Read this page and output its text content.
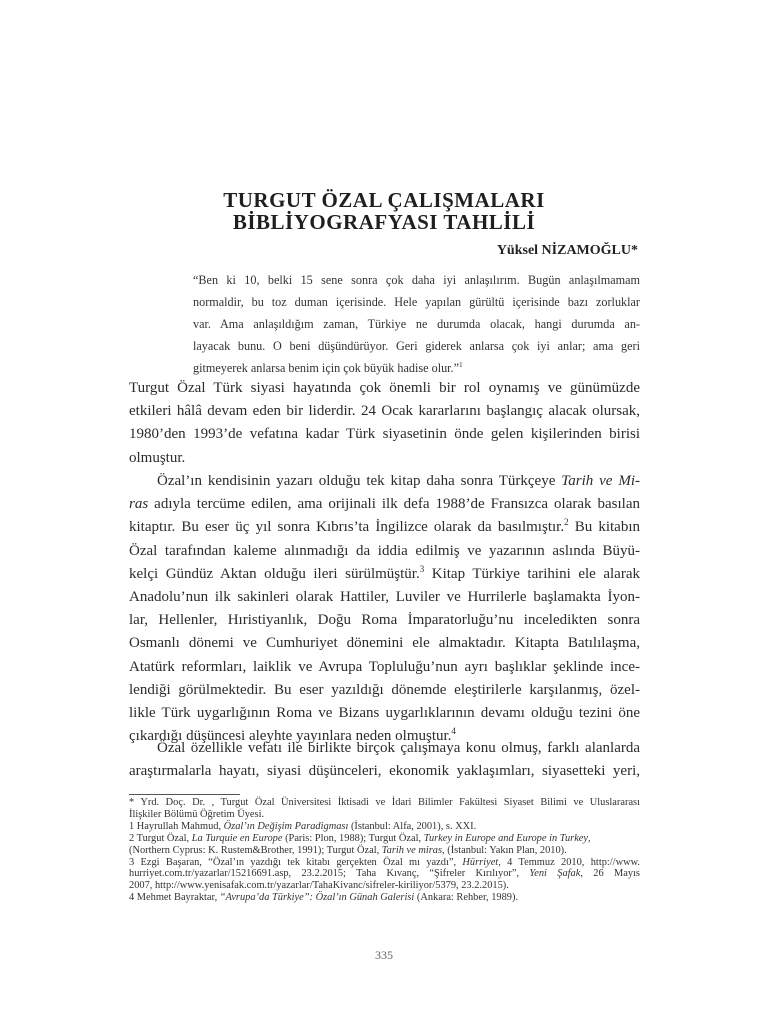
TURGUT ÖZAL ÇALIŞMALARI
BİBLİYOGRAFYASI TAHLİLİ
Yüksel NİZAMOĞLU*
“Ben ki 10, belki 15 sene sonra çok daha iyi anlaşılırım. Bugün anlaşılmamam
normaldir, bu toz duman içerisinde. Hele yapılan gürültü içerisinde bazı zorluklar
var. Ama anlaşıldığım zaman, Türkiye ne durumda olacak, hangi durumda an-
layacak bunu. O beni düşündürüyor. Geri giderek anlarsa çok iyi anlar; ama geri
gitmeyerek anlarsa benim için çok büyük hadise olur.”$^1$
Turgut Özal Türk siyasi hayatında çok önemli bir rol oynamış ve günümüzde
etkileri hâlâ devam eden bir liderdir. 24 Ocak kararlarını başlangıç alacak olursak,
1980’den 1993’de vefatına kadar Türk siyasetinin önde gelen kişilerinden birisi
olmuştur.
Özal’ın kendisinin yazarı olduğu tek kitap daha sonra Türkçeye Tarih ve Mi-
ras adıyla tercüme edilen, ama orijinali ilk defa 1988’de Fransızca olarak basılan
kitaptır. Bu eser üç yıl sonra Kıbrıs’ta İngilizce olarak da basılmıştır.$^2$ Bu kitabın
Özal tarafından kaleme alınmadığı da iddia edilmiş ve yazarının aslında Büyü-
kelçi Gündüz Aktan olduğu ileri sürülmüştür.$^3$ Kitap Türkiye tarihini ele alarak
Anadolu’nun ilk sakinleri olarak Hattiler, Luviler ve Hurrilerle başlamakta İyon-
lar, Hellenler, Hıristiyanlık, Doğu Roma İmparatorluğu’nu inceledikten sonra
Osmanlı dönemi ve Cumhuriyet dönemini ele almaktadır. Kitapta Batılılaşma,
Atatürk reformları, laiklik ve Avrupa Topluluğu’nun ayrı başlıklar şeklinde ince-
lendiği görülmektedir. Bu eser yazıldığı dönemde eleştirilerle karşılanmış, özel-
likle Türk uygarlığının Roma ve Bizans uygarlıklarının devamı olduğu tezini öne
çıkardığı düşüncesi aleyhte yayınlara neden olmuştur.$^4$
Özal özellikle vefatı ile birlikte birçok çalışmaya konu olmuş, farklı alanlarda
araştırmalarla hayatı, siyasi düşünceleri, ekonomik yaklaşımları, siyasetteki yeri,
* Yrd. Doç. Dr. , Turgut Özal Üniversitesi İktisadi ve İdari Bilimler Fakültesi Siyaset Bilimi ve Uluslararası
İlişkiler Bölümü Öğretim Üyesi.
1 Hayrullah Mahmud, Özal’ın Değişim Paradigması (İstanbul: Alfa, 2001), s. XXI.
2 Turgut Özal, La Turquie en Europe (Paris: Plon, 1988); Turgut Özal, Turkey in Europe and Europe in Turkey,
(Northern Cyprus: K. Rustem&Brother, 1991); Turgut Özal, Tarih ve miras, (İstanbul: Yakın Plan, 2010).
3 Ezgi Başaran, “Özal’ın yazdığı tek kitabı gerçekten Özal mı yazdı”, Hürriyet, 4 Temmuz 2010, http://www.
hurriyet.com.tr/yazarlar/15216691.asp, 23.2.2015; Taha Kıvanç, “Şifreler Kırılıyor”, Yeni Şafak, 26 Mayıs
2007, http://www.yenisafak.com.tr/yazarlar/TahaKivanc/sifreler-kiriliyor/5379, 23.2.2015).
4 Mehmet Bayraktar, “Avrupa’da Türkiye”: Özal’ın Günah Galerisi (Ankara: Rehber, 1989).
335
